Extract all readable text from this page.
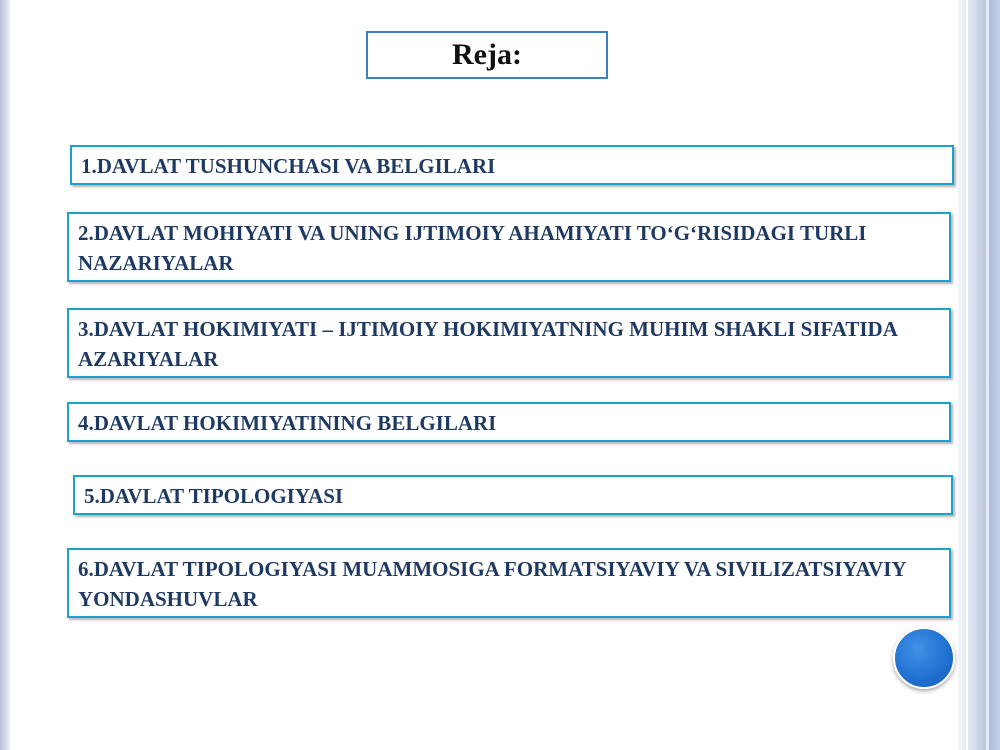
Reja:
1.DAVLAT TUSHUNCHASI VA BELGILARI
2.DAVLAT MOHIYATI VA UNING IJTIMOIY AHAMIYATI TO‘G‘RISIDAGI TURLI NAZARIYALAR
3.DAVLAT HOKIMIYATI – IJTIMOIY HOKIMIYATNING MUHIM SHAKLI SIFATIDA AZARIYALAR
4.DAVLAT HOKIMIYATINING BELGILARI
5.DAVLAT TIPOLOGIYASI
6.DAVLAT TIPOLOGIYASI MUAMMOSIGA FORMATSIYAVIY VA SIVILIZATSIYAVIY YONDASHUVLAR
